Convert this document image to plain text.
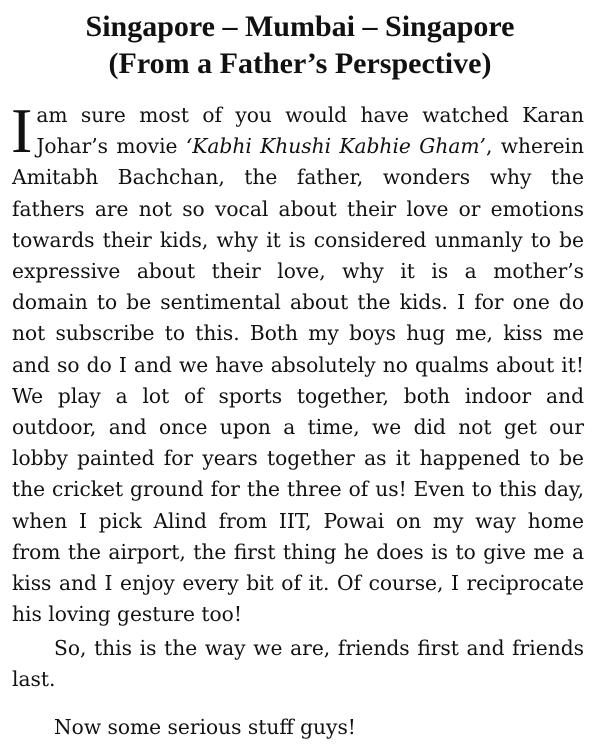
Singapore – Mumbai – Singapore
(From a Father’s Perspective)

Iam sure most of you would have watched Karan Johar’s movie ‘Kabhi Khushi Kabhie Gham’, wherein Amitabh Bachchan, the father, wonders why the fathers are not so vocal about their love or emotions towards their kids, why it is considered unmanly to be expressive about their love, why it is a mother’s domain to be sentimental about the kids. I for one do not subscribe to this. Both my boys hug me, kiss me and so do I and we have absolutely no qualms about it! We play a lot of sports together, both indoor and outdoor, and once upon a time, we did not get our lobby painted for years together as it happened to be the cricket ground for the three of us! Even to this day, when I pick Alind from IIT, Powai on my way home from the airport, the first thing he does is to give me a kiss and I enjoy every bit of it. Of course, I reciprocate his loving gesture too!

So, this is the way we are, friends first and friends last.

Now some serious stuff guys!
